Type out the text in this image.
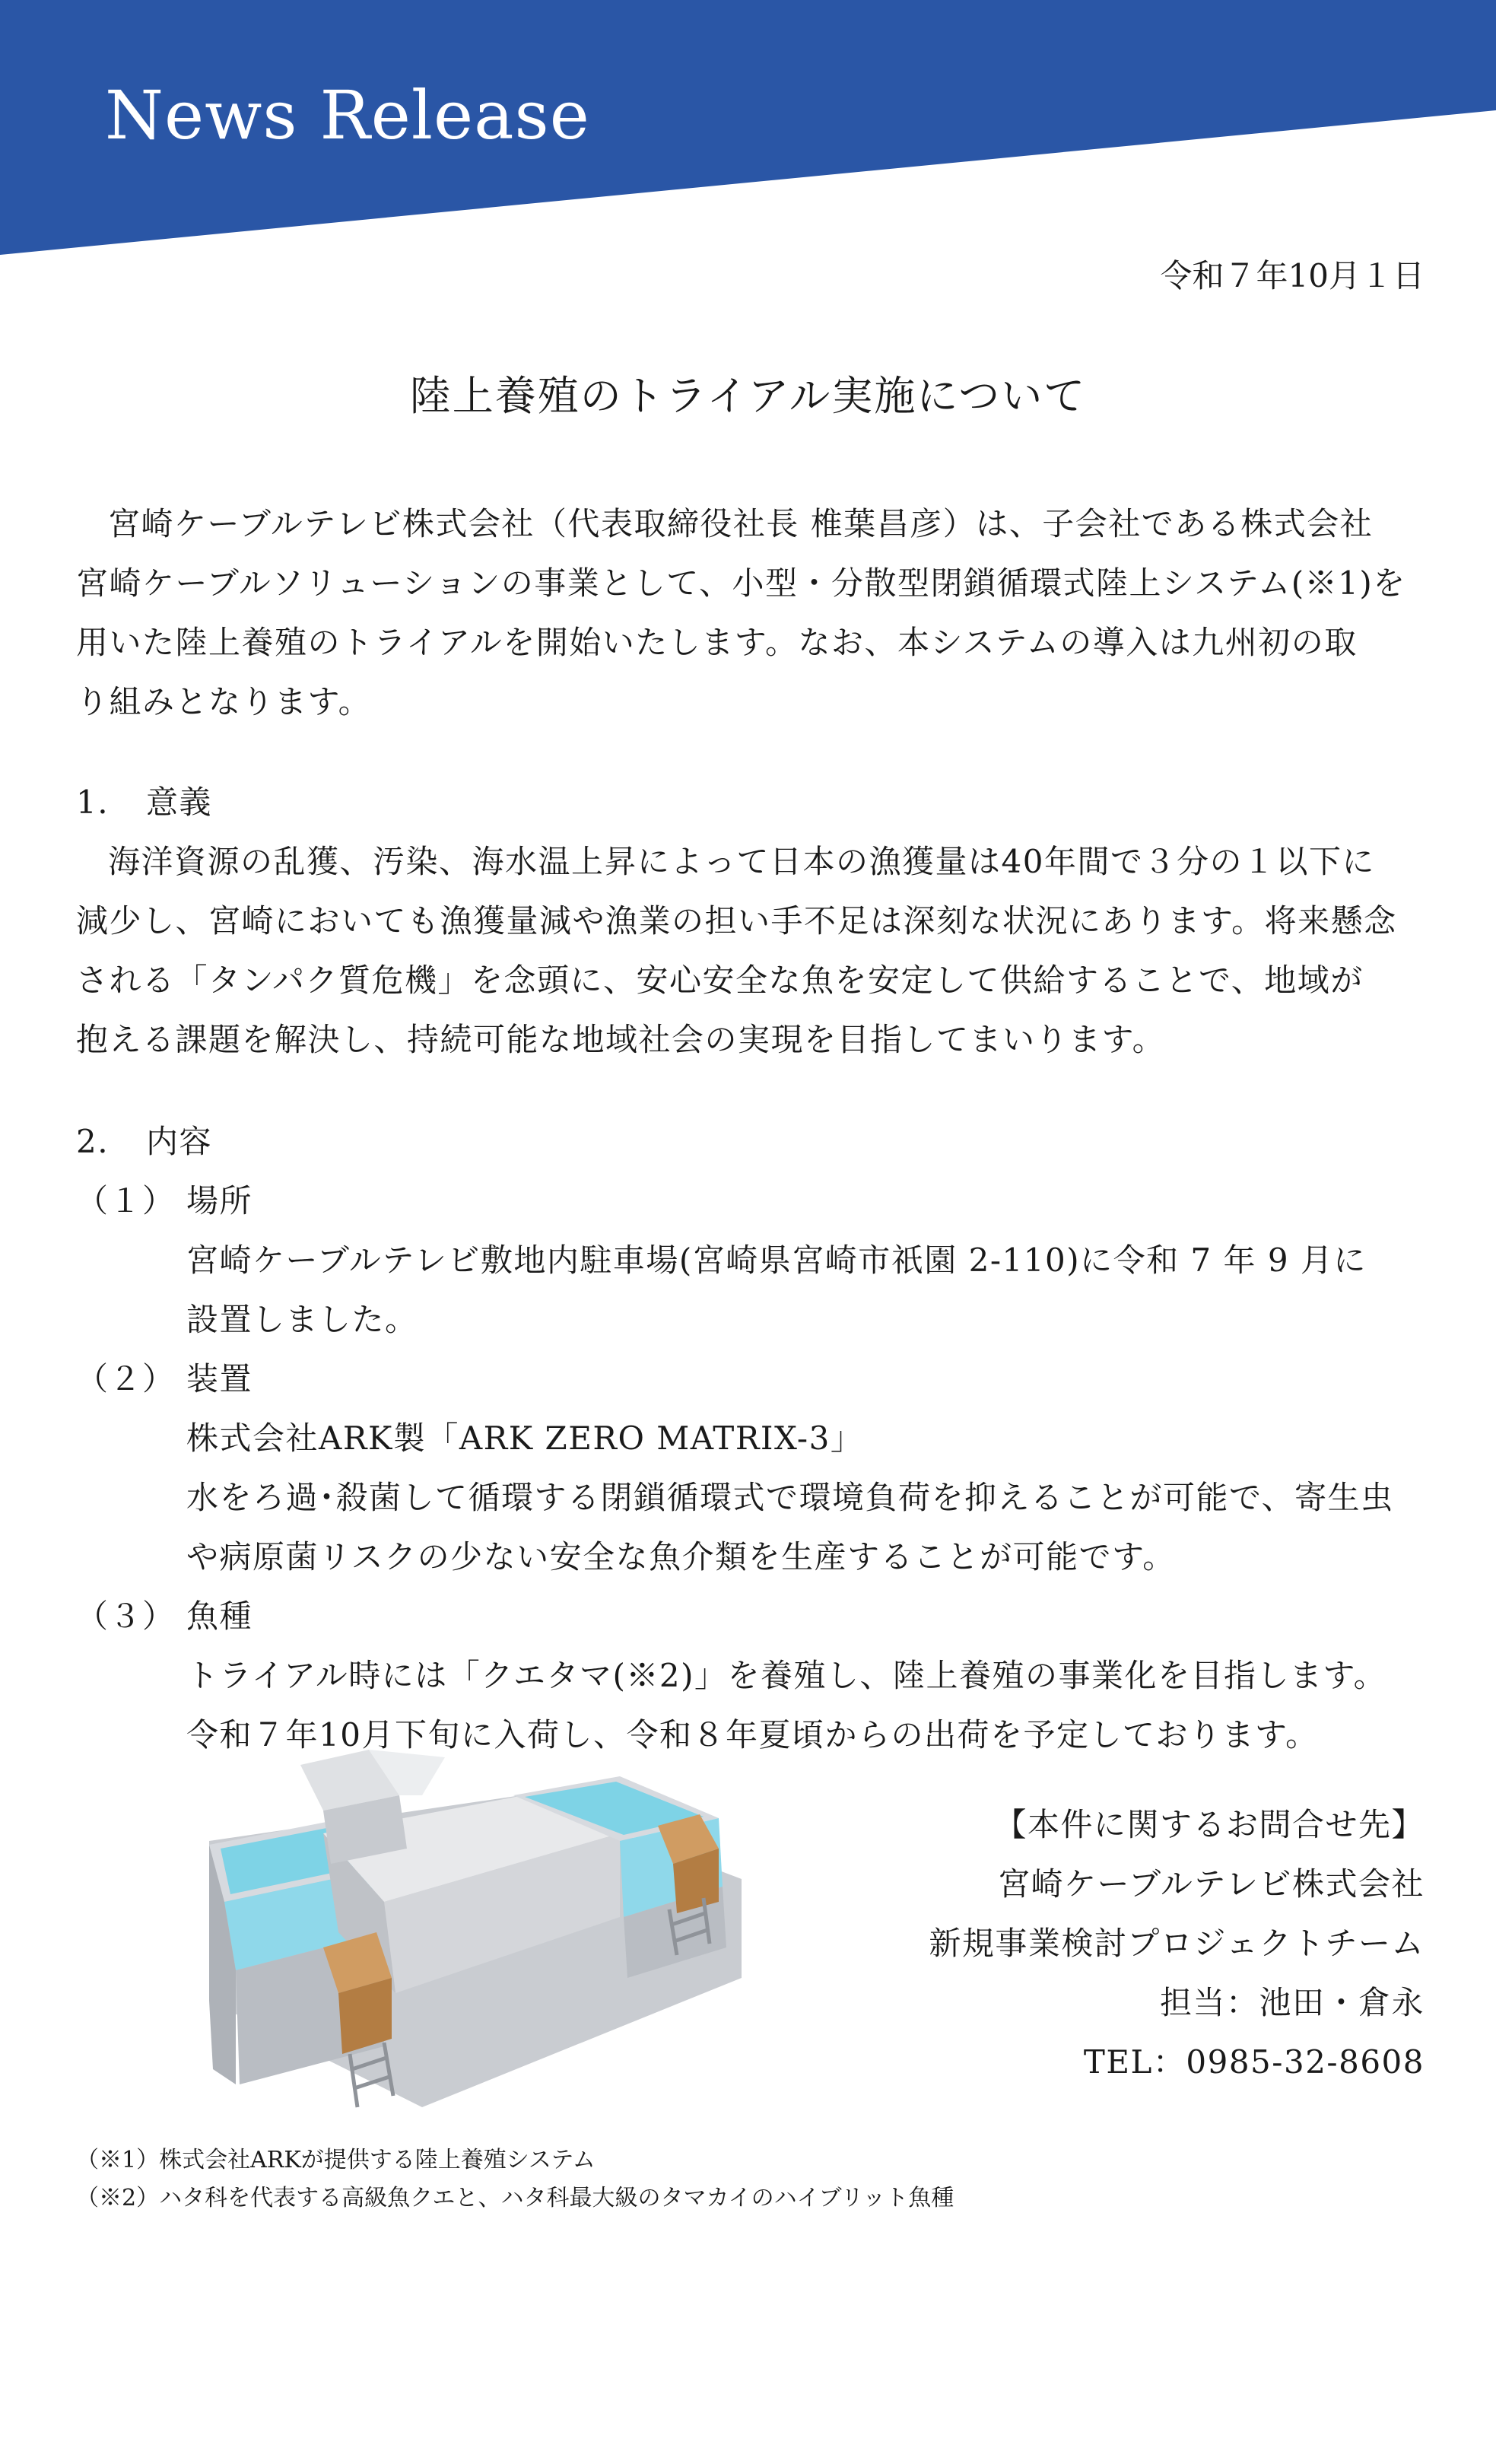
News Release
令和７年10月１日
陸上養殖のトライアル実施について
宮崎ケーブルテレビ株式会社（代表取締役社長 椎葉昌彦）は、子会社である株式会社
宮崎ケーブルソリューションの事業として、小型・分散型閉鎖循環式陸上システム(※1)を
用いた陸上養殖のトライアルを開始いたします。なお、本システムの導入は九州初の取
り組みとなります。
1. 意義
海洋資源の乱獲、汚染、海水温上昇によって日本の漁獲量は40年間で３分の１以下に
減少し、宮崎においても漁獲量減や漁業の担い手不足は深刻な状況にあります。将来懸念
される「タンパク質危機」を念頭に、安心安全な魚を安定して供給することで、地域が
抱える課題を解決し、持続可能な地域社会の実現を目指してまいります。
2. 内容
（１） 場所
宮崎ケーブルテレビ敷地内駐車場(宮崎県宮崎市祇園 2-110)に令和 7 年 9 月に
設置しました。
（２） 装置
株式会社ARK製「ARK ZERO MATRIX-3」
水をろ過･殺菌して循環する閉鎖循環式で環境負荷を抑えることが可能で、寄生虫
や病原菌リスクの少ない安全な魚介類を生産することが可能です。
（３） 魚種
トライアル時には「クエタマ(※2)」を養殖し、陸上養殖の事業化を目指します。
令和７年10月下旬に入荷し、令和８年夏頃からの出荷を予定しております。
【本件に関するお問合せ先】
宮崎ケーブルテレビ株式会社
新規事業検討プロジェクトチーム
担当：池田・倉永
TEL：0985-32-8608
（※1）株式会社ARKが提供する陸上養殖システム
（※2）ハタ科を代表する高級魚クエと、ハタ科最大級のタマカイのハイブリット魚種
